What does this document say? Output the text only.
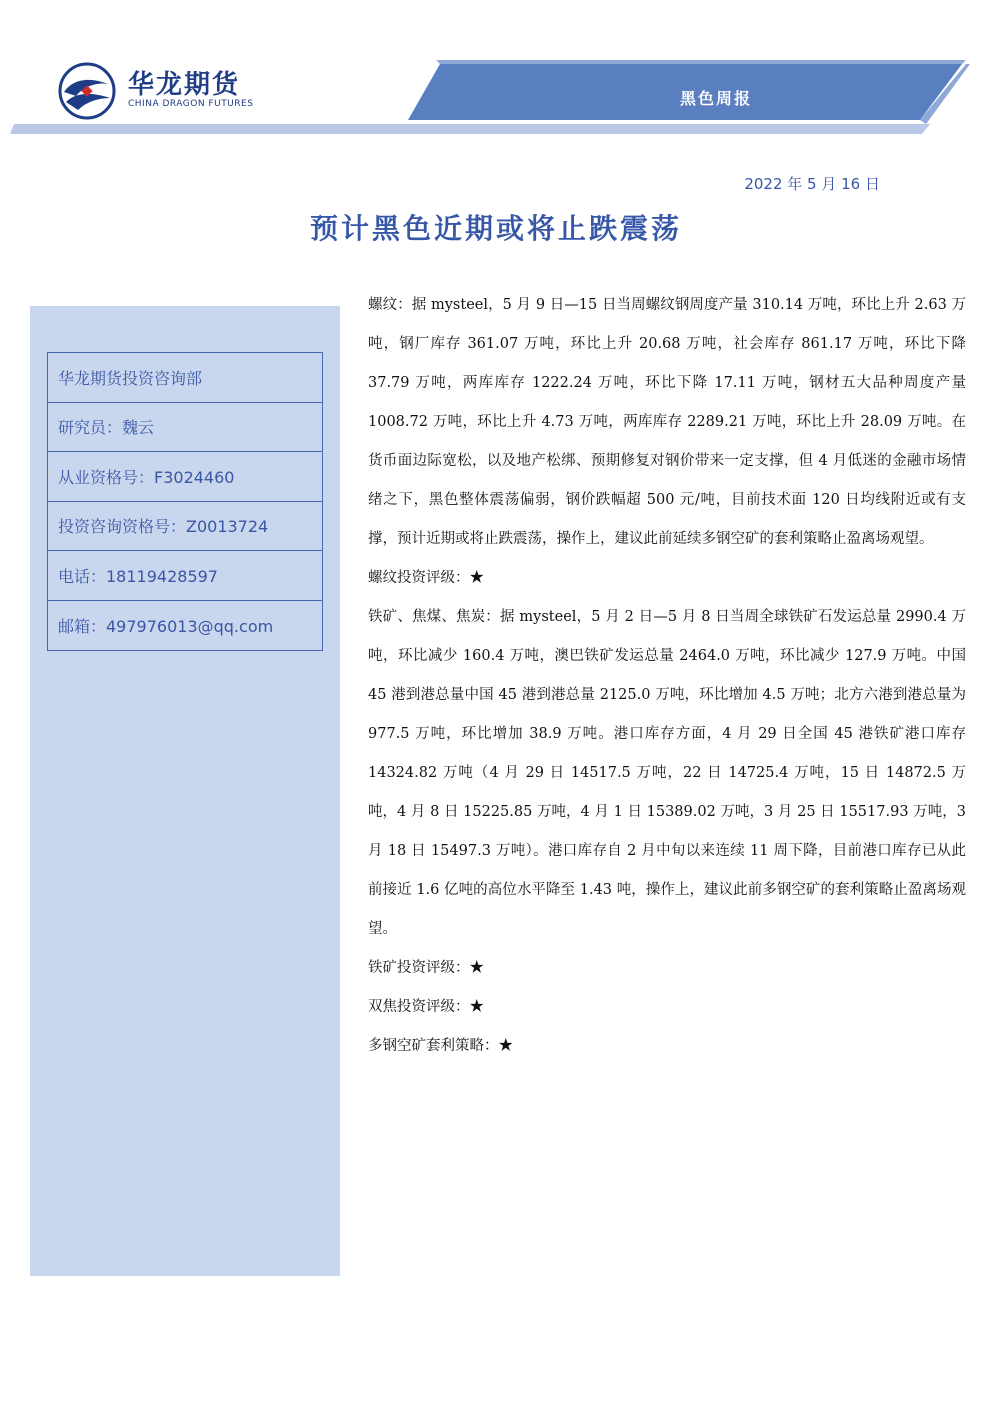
华龙期货
CHINA DRAGON FUTURES	黑色周报
2022 年 5 月 16 日
预计黑色近期或将止跌震荡
华龙期货投资咨询部
研究员：魏云
从业资格号：F3024460
投资咨询资格号：Z0013724
电话：18119428597
邮箱：497976013@qq.com

螺纹：据 mysteel，5 月 9 日—15 日当周螺纹钢周度产量 310.14 万吨，环比上升 2.63 万吨，钢厂库存 361.07 万吨，环比上升 20.68 万吨，社会库存 861.17 万吨，环比下降 37.79 万吨，两库库存 1222.24 万吨，环比下降 17.11 万吨，钢材五大品种周度产量 1008.72 万吨，环比上升 4.73 万吨，两库库存 2289.21 万吨，环比上升 28.09 万吨。在货币面边际宽松，以及地产松绑、预期修复对钢价带来一定支撑，但 4 月低迷的金融市场情绪之下，黑色整体震荡偏弱，钢价跌幅超 500 元/吨，目前技术面 120 日均线附近或有支撑，预计近期或将止跌震荡，操作上，建议此前延续多钢空矿的套利策略止盈离场观望。

螺纹投资评级：★

铁矿、焦煤、焦炭：据 mysteel，5 月 2 日—5 月 8 日当周全球铁矿石发运总量 2990.4 万吨，环比减少 160.4 万吨，澳巴铁矿发运总量 2464.0 万吨，环比减少 127.9 万吨。中国 45 港到港总量中国 45 港到港总量 2125.0 万吨，环比增加 4.5 万吨；北方六港到港总量为 977.5 万吨，环比增加 38.9 万吨。港口库存方面，4 月 29 日全国 45 港铁矿港口库存 14324.82 万吨（4 月 29 日 14517.5 万吨，22 日 14725.4 万吨，15 日 14872.5 万吨，4 月 8 日 15225.85 万吨，4 月 1 日 15389.02 万吨，3 月 25 日 15517.93 万吨，3 月 18 日 15497.3 万吨）。港口库存自 2 月中旬以来连续 11 周下降，目前港口库存已从此前接近 1.6 亿吨的高位水平降至 1.43 吨，操作上，建议此前多钢空矿的套利策略止盈离场观望。

铁矿投资评级：★

双焦投资评级：★

多钢空矿套利策略：★
